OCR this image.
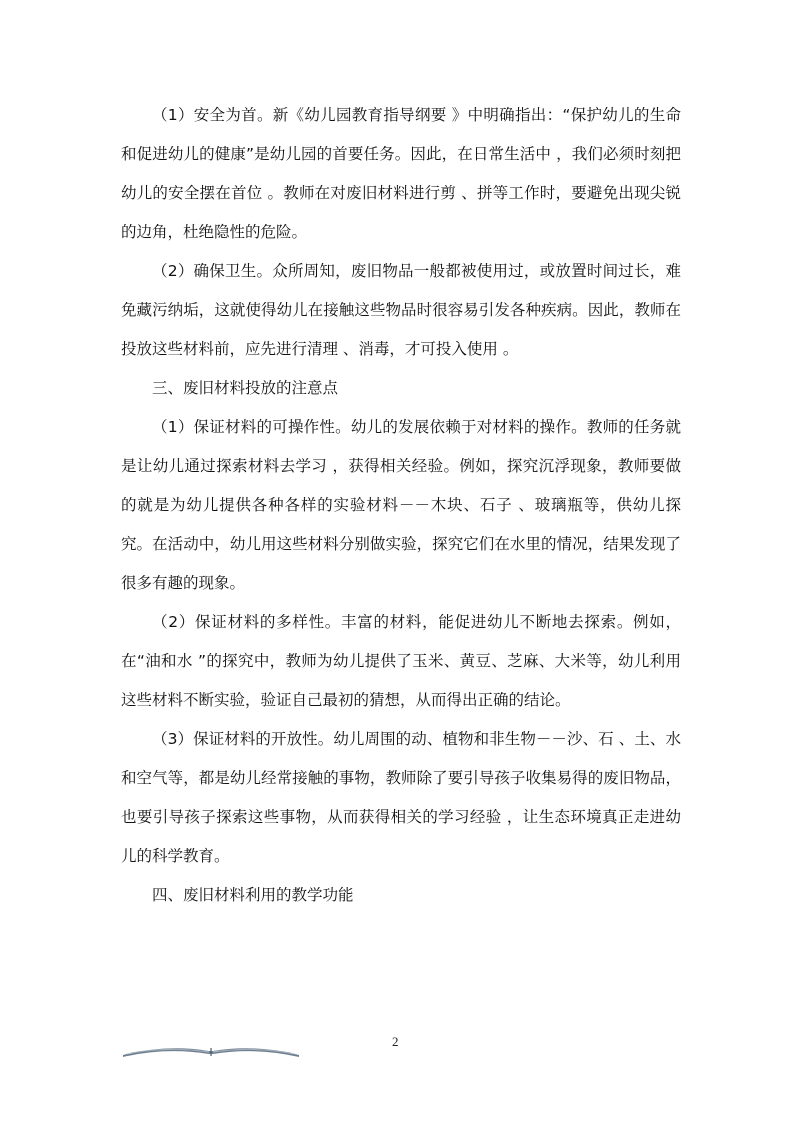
（1）安全为首。新《幼儿园教育指导纲要 》中明确指出：“保护幼儿的生命和促进幼儿的健康”是幼儿园的首要任务。因此，在日常生活中 ，我们必须时刻把幼儿的安全摆在首位 。教师在对废旧材料进行剪 、拼等工作时，要避免出现尖锐的边角，杜绝隐性的危险。

（2）确保卫生。众所周知，废旧物品一般都被使用过，或放置时间过长，难免藏污纳垢，这就使得幼儿在接触这些物品时很容易引发各种疾病。因此，教师在投放这些材料前，应先进行清理 、消毒，才可投入使用 。

三、废旧材料投放的注意点

（1）保证材料的可操作性。幼儿的发展依赖于对材料的操作。教师的任务就是让幼儿通过探索材料去学习 ，获得相关经验。例如，探究沉浮现象，教师要做的就是为幼儿提供各种各样的实验材料－－木块、石子 、玻璃瓶等，供幼儿探究。在活动中，幼儿用这些材料分别做实验，探究它们在水里的情况，结果发现了很多有趣的现象。

（2）保证材料的多样性。丰富的材料，能促进幼儿不断地去探索。例如，在“油和水 ”的探究中，教师为幼儿提供了玉米、黄豆、芝麻、大米等，幼儿利用这些材料不断实验，验证自己最初的猜想，从而得出正确的结论。

（3）保证材料的开放性。幼儿周围的动、植物和非生物－－沙、石 、土、水和空气等，都是幼儿经常接触的事物，教师除了要引导孩子收集易得的废旧物品，也要引导孩子探索这些事物，从而获得相关的学习经验 ，让生态环境真正走进幼儿的科学教育。

四、废旧材料利用的教学功能

2
